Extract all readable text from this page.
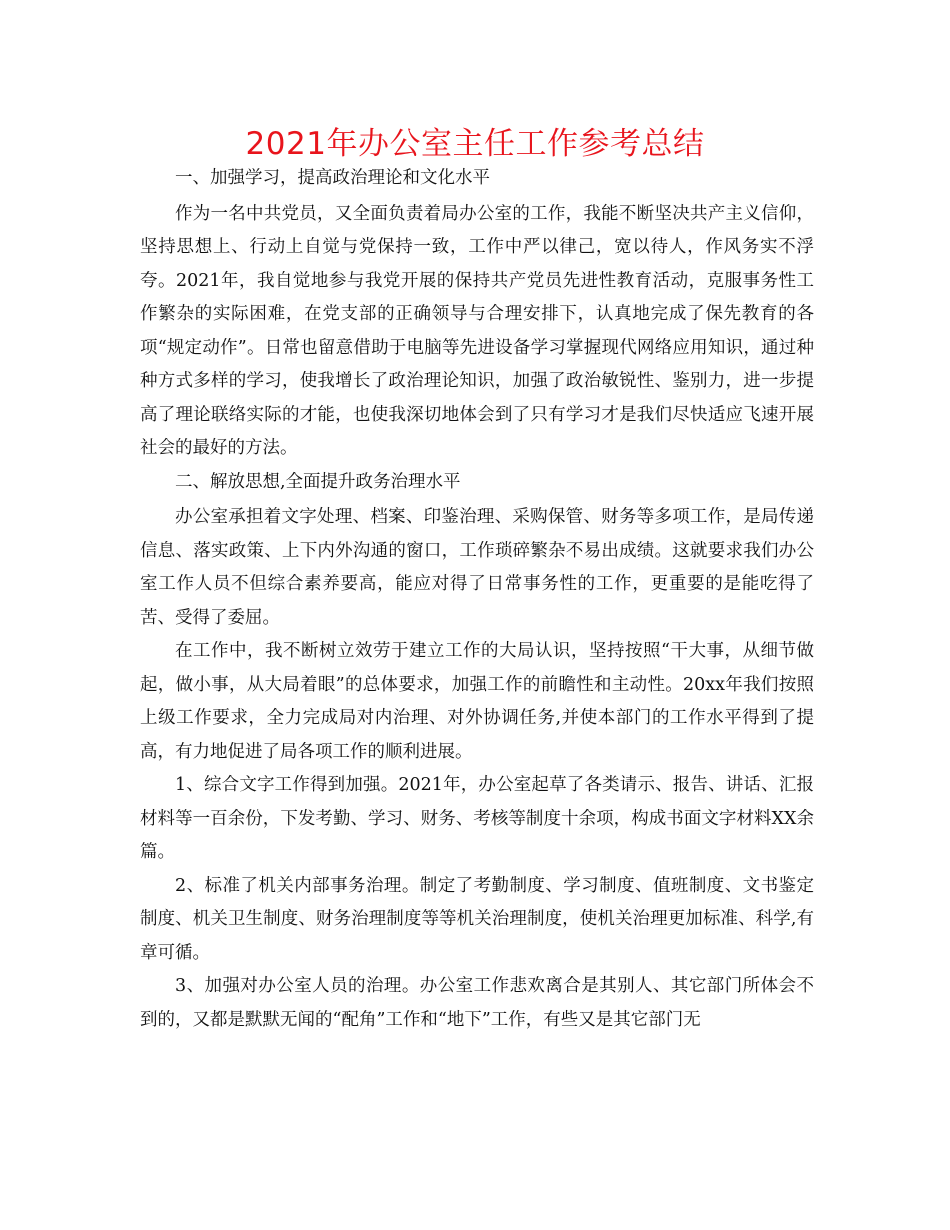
2021年办公室主任工作参考总结

一、加强学习，提高政治理论和文化水平

作为一名中共党员，又全面负责着局办公室的工作，我能不断坚决共产主义信仰，坚持思想上、行动上自觉与党保持一致，工作中严以律己，宽以待人，作风务实不浮夸。2021年，我自觉地参与我党开展的保持共产党员先进性教育活动，克服事务性工作繁杂的实际困难，在党支部的正确领导与合理安排下，认真地完成了保先教育的各项“规定动作”。日常也留意借助于电脑等先进设备学习掌握现代网络应用知识，通过种种方式多样的学习，使我增长了政治理论知识，加强了政治敏锐性、鉴别力，进一步提高了理论联络实际的才能，也使我深切地体会到了只有学习才是我们尽快适应飞速开展社会的最好的方法。

二、解放思想,全面提升政务治理水平

办公室承担着文字处理、档案、印鉴治理、采购保管、财务等多项工作，是局传递信息、落实政策、上下内外沟通的窗口，工作琐碎繁杂不易出成绩。这就要求我们办公室工作人员不但综合素养要高，能应对得了日常事务性的工作，更重要的是能吃得了苦、受得了委屈。

在工作中，我不断树立效劳于建立工作的大局认识，坚持按照“干大事，从细节做起，做小事，从大局着眼”的总体要求，加强工作的前瞻性和主动性。20xx年我们按照上级工作要求，全力完成局对内治理、对外协调任务,并使本部门的工作水平得到了提高，有力地促进了局各项工作的顺利进展。

1、综合文字工作得到加强。2021年，办公室起草了各类请示、报告、讲话、汇报材料等一百余份，下发考勤、学习、财务、考核等制度十余项，构成书面文字材料XX余篇。

2、标准了机关内部事务治理。制定了考勤制度、学习制度、值班制度、文书鉴定制度、机关卫生制度、财务治理制度等等机关治理制度，使机关治理更加标准、科学,有章可循。

3、加强对办公室人员的治理。办公室工作悲欢离合是其别人、其它部门所体会不到的，又都是默默无闻的“配角”工作和“地下”工作，有些又是其它部门无
